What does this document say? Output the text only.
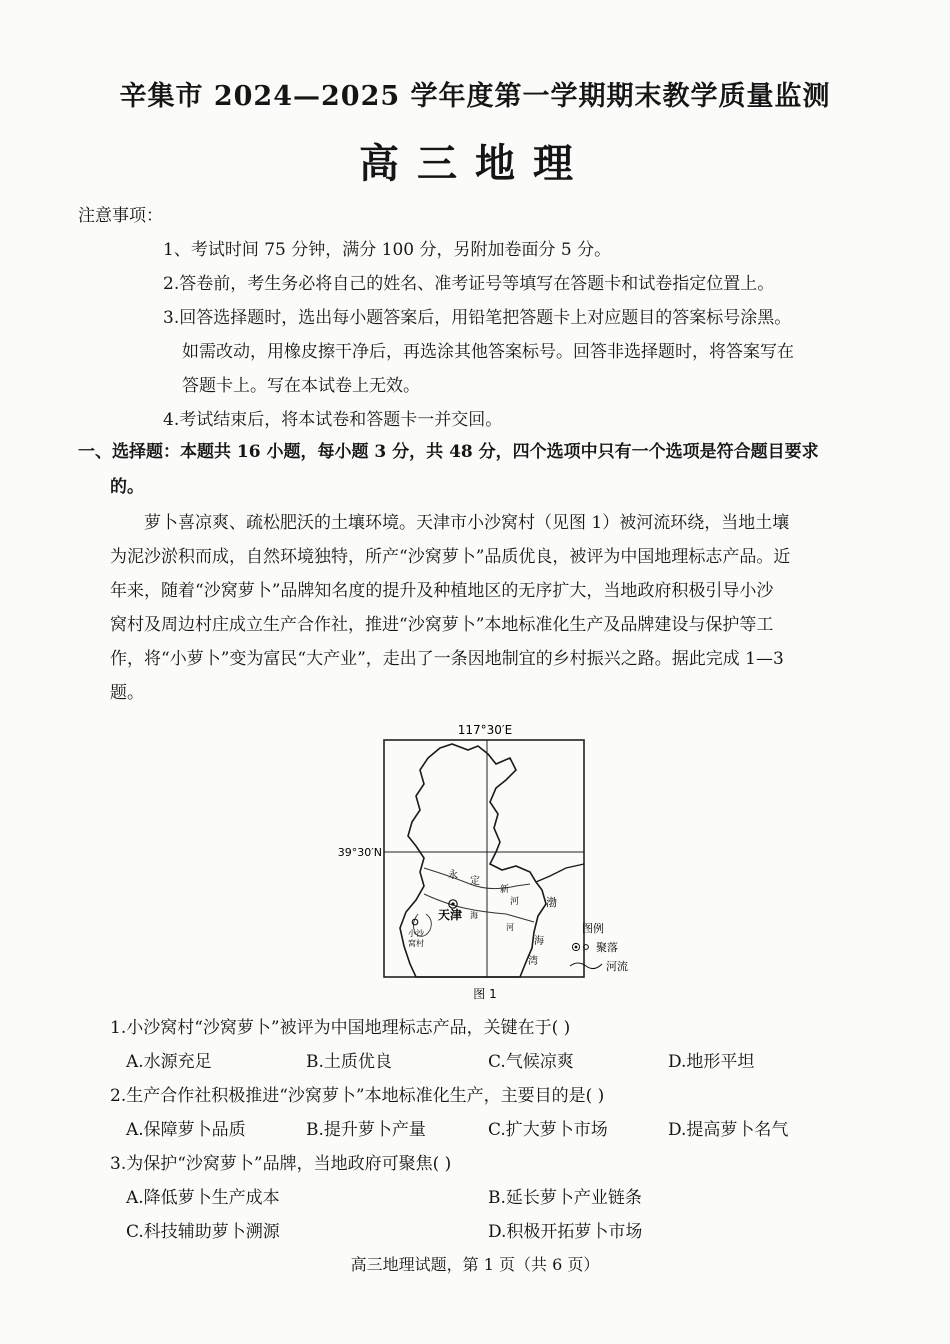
辛集市 2024—2025 学年度第一学期期末教学质量监测
高三地理
注意事项：
1、考试时间 75 分钟，满分 100 分，另附加卷面分 5 分。
2.答卷前，考生务必将自己的姓名、准考证号等填写在答题卡和试卷指定位置上。
3.回答选择题时，选出每小题答案后，用铅笔把答题卡上对应题目的答案标号涂黑。
如需改动，用橡皮擦干净后，再选涂其他答案标号。回答非选择题时，将答案写在
答题卡上。写在本试卷上无效。
4.考试结束后，将本试卷和答题卡一并交回。
一、选择题：本题共 16 小题，每小题 3 分，共 48 分，四个选项中只有一个选项是符合题目要求
的。
萝卜喜凉爽、疏松肥沃的土壤环境。天津市小沙窝村（见图 1）被河流环绕，当地土壤
为泥沙淤积而成，自然环境独特，所产“沙窝萝卜”品质优良，被评为中国地理标志产品。近
年来，随着“沙窝萝卜”品牌知名度的提升及种植地区的无序扩大，当地政府积极引导小沙
窝村及周边村庄成立生产合作社，推进“沙窝萝卜”本地标准化生产及品牌建设与保护等工
作，将“小萝卜”变为富民“大产业”，走出了一条因地制宜的乡村振兴之路。据此完成 1—3
题。
117°30′E
39°30′N
天津
小沙
窝村
永
定
新
河
海
河
渤
海
湾
图例
聚落
河流
图 1
1.小沙窝村“沙窝萝卜”被评为中国地理标志产品，关键在于( )
A.水源充足	B.土质优良	C.气候凉爽	D.地形平坦
2.生产合作社积极推进“沙窝萝卜”本地标准化生产，主要目的是( )
A.保障萝卜品质	B.提升萝卜产量	C.扩大萝卜市场	D.提高萝卜名气
3.为保护“沙窝萝卜”品牌，当地政府可聚焦( )
A.降低萝卜生产成本	B.延长萝卜产业链条
C.科技辅助萝卜溯源	D.积极开拓萝卜市场
高三地理试题，第 1 页（共 6 页）
